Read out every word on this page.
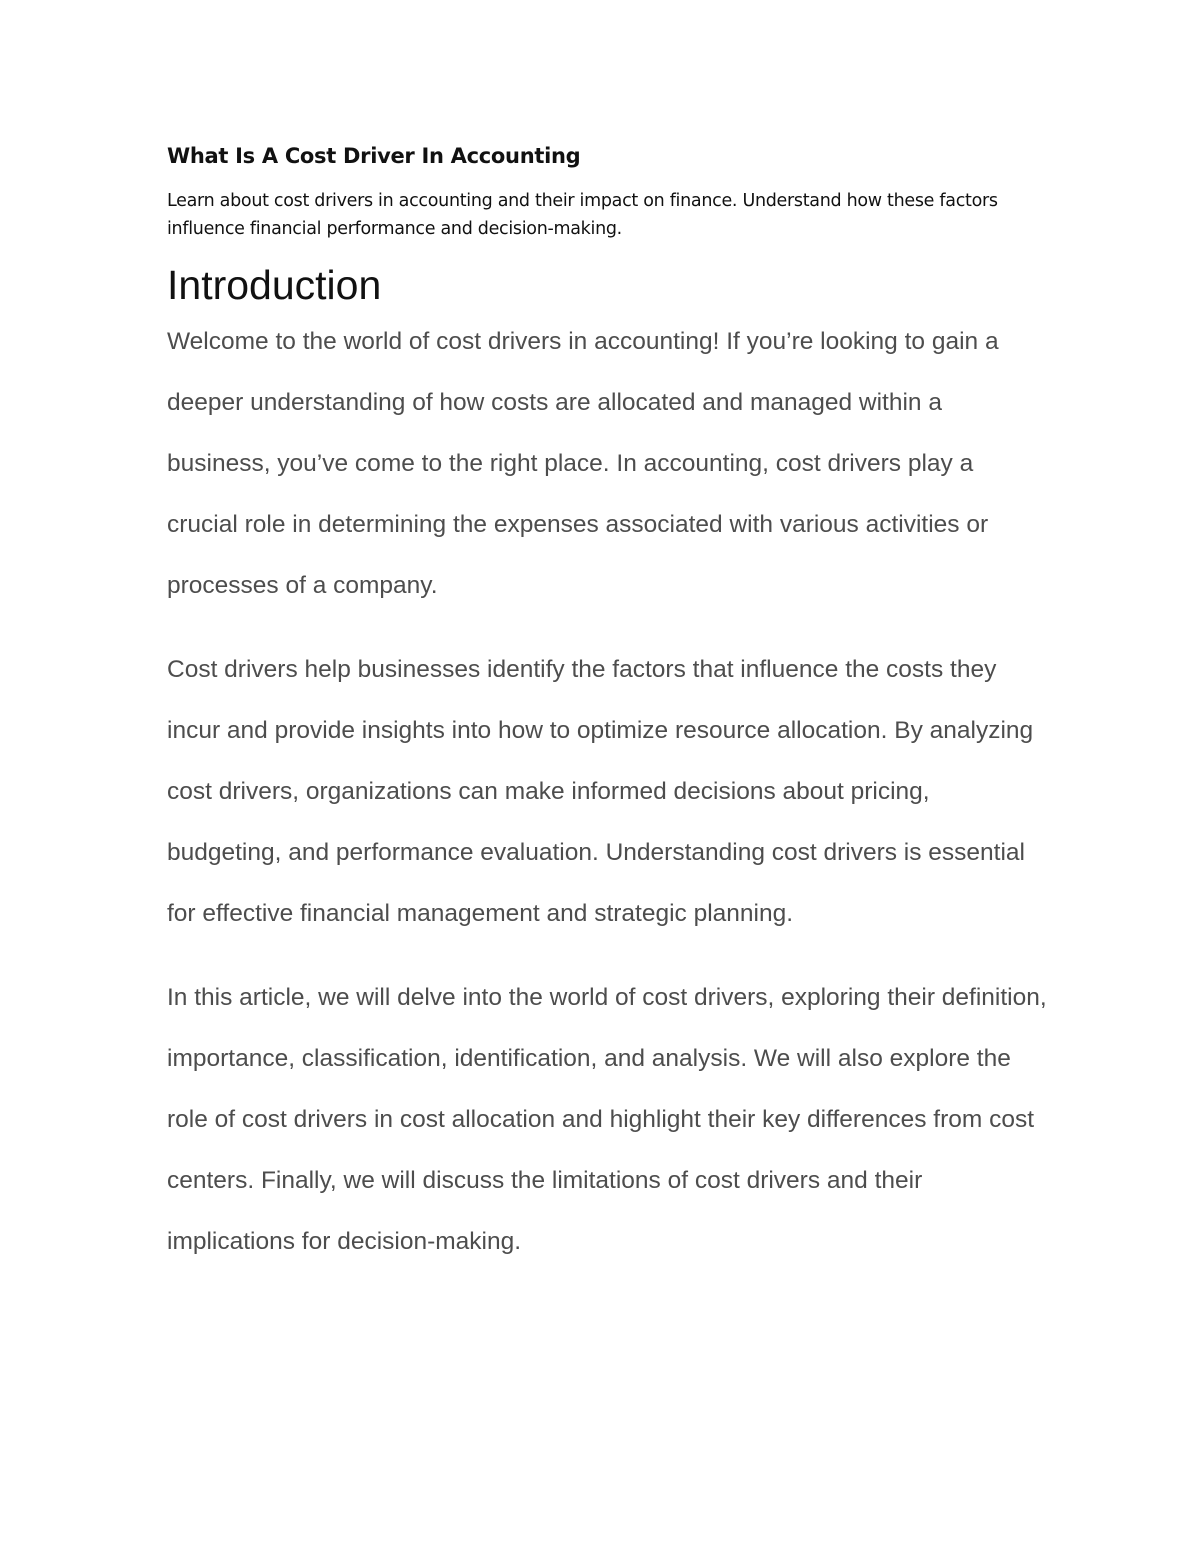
What Is A Cost Driver In Accounting

Learn about cost drivers in accounting and their impact on finance. Understand how these factors influence financial performance and decision-making.

Introduction

Welcome to the world of cost drivers in accounting! If you’re looking to gain a deeper understanding of how costs are allocated and managed within a business, you’ve come to the right place. In accounting, cost drivers play a crucial role in determining the expenses associated with various activities or processes of a company.

Cost drivers help businesses identify the factors that influence the costs they incur and provide insights into how to optimize resource allocation. By analyzing cost drivers, organizations can make informed decisions about pricing, budgeting, and performance evaluation. Understanding cost drivers is essential for effective financial management and strategic planning.

In this article, we will delve into the world of cost drivers, exploring their definition, importance, classification, identification, and analysis. We will also explore the role of cost drivers in cost allocation and highlight their key differences from cost centers. Finally, we will discuss the limitations of cost drivers and their implications for decision-making.
